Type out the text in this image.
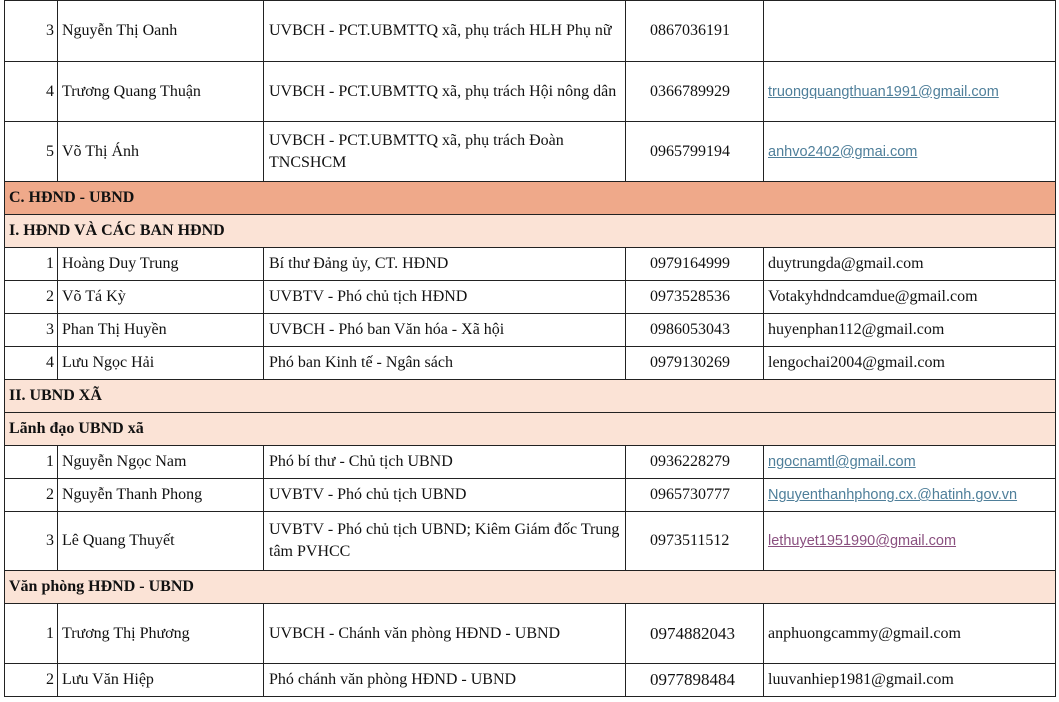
3	Nguyễn Thị Oanh	UVBCH - PCT.UBMTTQ xã, phụ trách HLH Phụ nữ	0867036191	
4	Trương Quang Thuận	UVBCH - PCT.UBMTTQ xã, phụ trách Hội nông dân	0366789929	truongquangthuan1991@gmail.com
5	Võ Thị Ánh	UVBCH - PCT.UBMTTQ xã, phụ trách Đoàn TNCSHCM	0965799194	anhvo2402@gmai.com
C. HĐND - UBND				
I. HĐND VÀ CÁC BAN HĐND				
1	Hoàng Duy Trung	Bí thư Đảng ủy, CT. HĐND	0979164999	duytrungda@gmail.com
2	Võ Tá Kỳ	UVBTV - Phó chủ tịch HĐND	0973528536	Votakyhdndcamdue@gmail.com
3	Phan Thị Huyền	UVBCH - Phó ban Văn hóa - Xã hội	0986053043	huyenphan112@gmail.com
4	Lưu Ngọc Hải	Phó ban Kinh tế - Ngân sách	0979130269	lengochai2004@gmail.com
II. UBND XÃ				
Lãnh đạo UBND xã				
1	Nguyễn Ngọc Nam	Phó bí thư - Chủ tịch UBND	0936228279	ngocnamtl@gmail.com
2	Nguyễn Thanh Phong	UVBTV - Phó chủ tịch UBND	0965730777	Nguyenthanhphong.cx.@hatinh.gov.vn
3	Lê Quang Thuyết	UVBTV - Phó chủ tịch UBND; Kiêm Giám đốc Trung tâm PVHCC	0973511512	lethuyet1951990@gmail.com
Văn phòng HĐND - UBND				
1	Trương Thị Phương	UVBCH - Chánh văn phòng HĐND - UBND	0974882043	anphuongcammy@gmail.com
2	Lưu Văn Hiệp	Phó chánh văn phòng HĐND - UBND	0977898484	luuvanhiep1981@gmail.com
